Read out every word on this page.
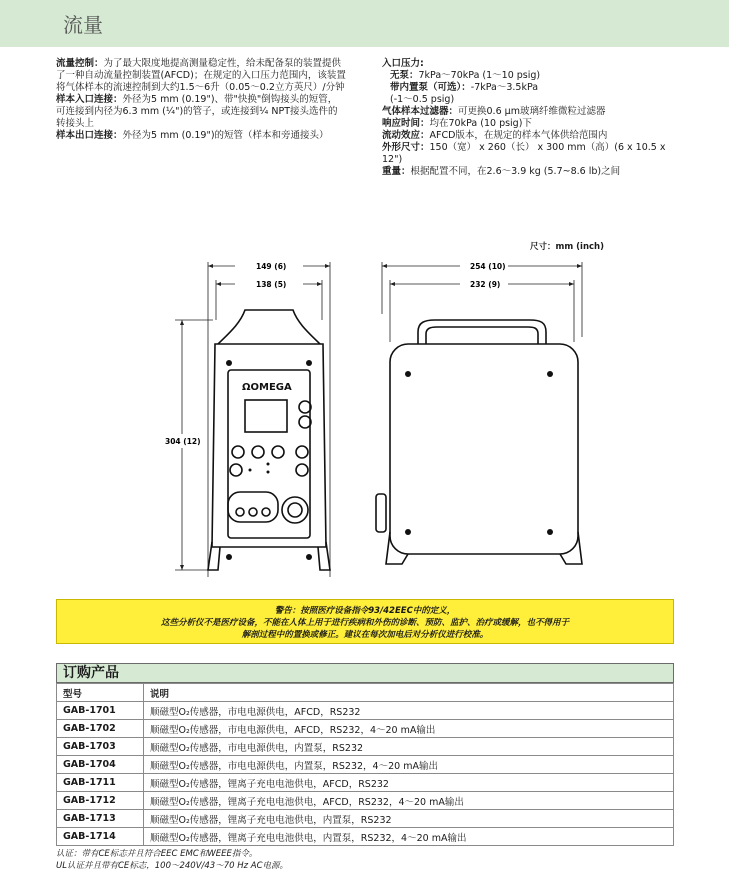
流量

流量控制：为了最大限度地提高测量稳定性，给未配备泵的装置提供了一种自动流量控制装置(AFCD)；在规定的入口压力范围内，该装置将气体样本的流速控制到大约1.5～6升（0.05～0.2立方英尺）/分钟

样本入口连接：外径为5 mm (0.19")、带"快换"倒钩接头的短管，可连接到内径为6.3 mm (¼")的管子，或连接到¼ NPT接头选件的转接头上

样本出口连接：外径为5 mm (0.19")的短管（样本和旁通接头）

入口压力:

无泵：7kPa～70kPa (1～10 psig)

带内置泵（可选）：-7kPa～3.5kPa

(-1～0.5 psig)

气体样本过滤器：可更换0.6 μm玻璃纤维微粒过滤器

响应时间：均在70kPa (10 psig)下

流动效应：AFCD版本，在规定的样本气体供给范围内

外形尺寸：150（宽） x 260（长） x 300 mm（高）(6 x 10.5 x 12")

重量：根据配置不同，在2.6～3.9 kg (5.7~8.6 lb)之间

尺寸：mm (inch)
149 (6)
138 (5)
304 (12)
ΩOMEGA
254 (10)
232 (9)

警告：按照医疗设备指令93/42EEC中的定义，

这些分析仪不是医疗设备，不能在人体上用于进行疾病和外伤的诊断、预防、监护、治疗或缓解，也不得用于

解剖过程中的置换或修正。建议在每次加电后对分析仪进行校准。

订购产品
型号	说明
GAB-1701	顺磁型O₂传感器，市电电源供电，AFCD，RS232
GAB-1702	顺磁型O₂传感器，市电电源供电，AFCD，RS232，4～20 mA输出
GAB-1703	顺磁型O₂传感器，市电电源供电，内置泵，RS232
GAB-1704	顺磁型O₂传感器，市电电源供电，内置泵，RS232，4～20 mA输出
GAB-1711	顺磁型O₂传感器，锂离子充电电池供电，AFCD，RS232
GAB-1712	顺磁型O₂传感器，锂离子充电电池供电，AFCD，RS232，4～20 mA输出
GAB-1713	顺磁型O₂传感器，锂离子充电电池供电，内置泵，RS232
GAB-1714	顺磁型O₂传感器，锂离子充电电池供电，内置泵，RS232，4～20 mA输出

认证：带有CE标志并且符合EEC EMC和WEEE指令。

UL认证并且带有CE标志，100～240V/43～70 Hz AC电源。
